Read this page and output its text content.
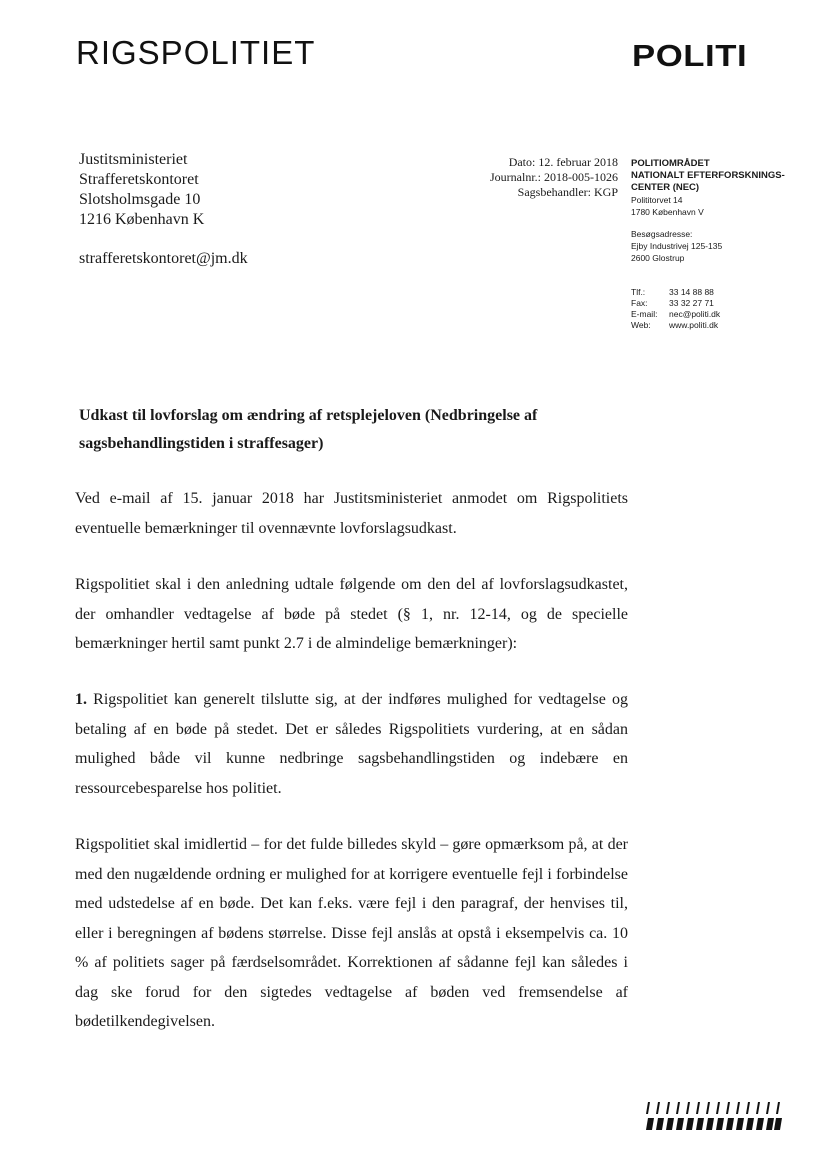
RIGSPOLITIET	POLITI
Justitsministeriet
Strafferetskontoret
Slotsholmsgade 10
1216 København K
strafferetskontoret@jm.dk
Dato: 12. februar 2018
Journalnr.: 2018-005-1026
Sagsbehandler: KGP
POLITIOMRÅDET
NATIONALT EFTERFORSKNINGS-
CENTER (NEC)
Polititorvet 14
1780 København V
Besøgsadresse:
Ejby Industrivej 125-135
2600 Glostrup
Tlf.:	33 14 88 88
Fax:	33 32 27 71
E-mail:	nec@politi.dk
Web:	www.politi.dk
Udkast til lovforslag om ændring af retsplejeloven (Nedbringelse af sagsbehandlingstiden i straffesager)
Ved e-mail af 15. januar 2018 har Justitsministeriet anmodet om Rigspolitiets eventuelle bemærkninger til ovennævnte lovforslagsudkast.
Rigspolitiet skal i den anledning udtale følgende om den del af lovforslagsudkastet, der omhandler vedtagelse af bøde på stedet (§ 1, nr. 12-14, og de specielle bemærkninger hertil samt punkt 2.7 i de almindelige bemærkninger):
1. Rigspolitiet kan generelt tilslutte sig, at der indføres mulighed for vedtagelse og betaling af en bøde på stedet. Det er således Rigspolitiets vurdering, at en sådan mulighed både vil kunne nedbringe sagsbehandlingstiden og indebære en ressourcebesparelse hos politiet.
Rigspolitiet skal imidlertid – for det fulde billedes skyld – gøre opmærksom på, at der med den nugældende ordning er mulighed for at korrigere eventuelle fejl i forbindelse med udstedelse af en bøde. Det kan f.eks. være fejl i den paragraf, der henvises til, eller i beregningen af bødens størrelse. Disse fejl anslås at opstå i eksempelvis ca. 10 % af politiets sager på færdselsområdet. Korrektionen af sådanne fejl kan således i dag ske forud for den sigtedes vedtagelse af bøden ved fremsendelse af bødetilkendegivelsen.
